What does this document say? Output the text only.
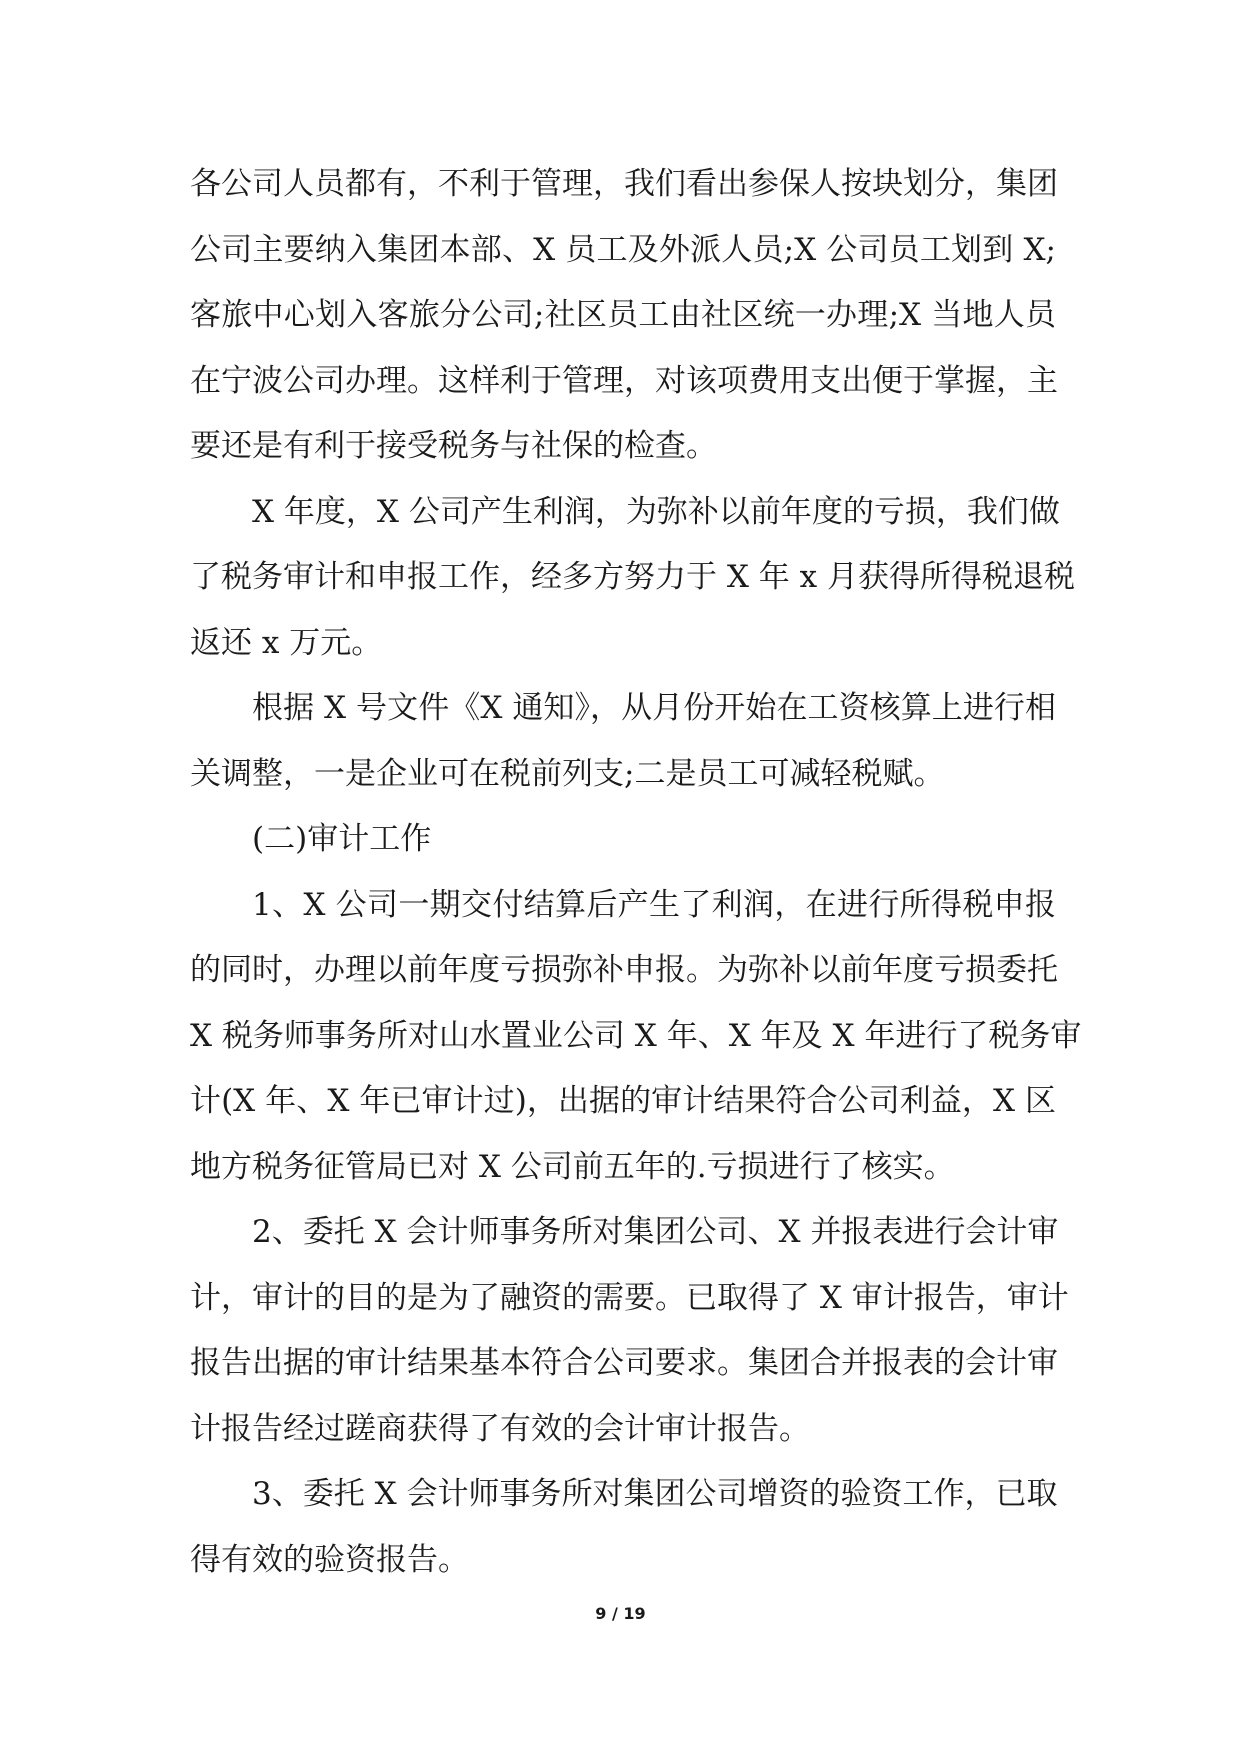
各公司人员都有，不利于管理，我们看出参保人按块划分，集团
公司主要纳入集团本部、X 员工及外派人员;X 公司员工划到 X;
客旅中心划入客旅分公司;社区员工由社区统一办理;X 当地人员
在宁波公司办理。这样利于管理，对该项费用支出便于掌握，主
要还是有利于接受税务与社保的检查。
X 年度，X 公司产生利润，为弥补以前年度的亏损，我们做
了税务审计和申报工作，经多方努力于 X 年 x 月获得所得税退税
返还 x 万元。
根据 X 号文件《X 通知》，从月份开始在工资核算上进行相
关调整，一是企业可在税前列支;二是员工可减轻税赋。
(二)审计工作
1、X 公司一期交付结算后产生了利润，在进行所得税申报
的同时，办理以前年度亏损弥补申报。为弥补以前年度亏损委托
X 税务师事务所对山水置业公司 X 年、X 年及 X 年进行了税务审
计(X 年、X 年已审计过)，出据的审计结果符合公司利益，X 区
地方税务征管局已对 X 公司前五年的.亏损进行了核实。
2、委托 X 会计师事务所对集团公司、X 并报表进行会计审
计，审计的目的是为了融资的需要。已取得了 X 审计报告，审计
报告出据的审计结果基本符合公司要求。集团合并报表的会计审
计报告经过蹉商获得了有效的会计审计报告。
3、委托 X 会计师事务所对集团公司增资的验资工作，已取
得有效的验资报告。
9 / 19
